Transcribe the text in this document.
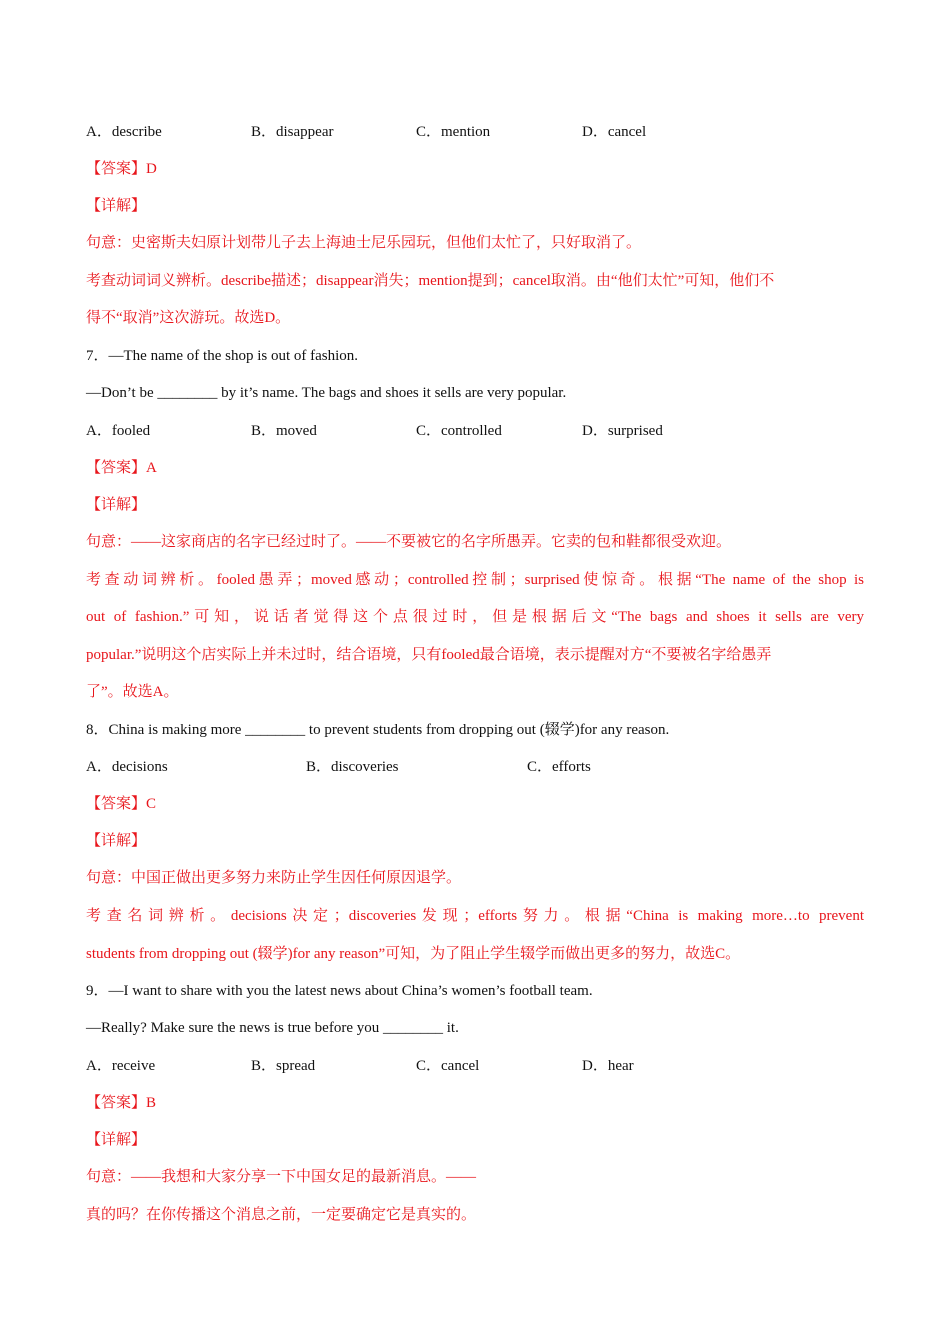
A．describe	B．disappear	C．mention	D．cancel
【答案】D
【详解】
句意：史密斯夫妇原计划带儿子去上海迪士尼乐园玩，但他们太忙了，只好取消了。
考查动词词义辨析。describe描述；disappear消失；mention提到；cancel取消。由“他们太忙”可知，他们不
得不“取消”这次游玩。故选D。
7．—The name of the shop is out of fashion.
—Don’t be ________ by it’s name. The bags and shoes it sells are very popular.
A．fooled	B．moved	C．controlled	D．surprised
【答案】A
【详解】
句意：——这家商店的名字已经过时了。——不要被它的名字所愚弄。它卖的包和鞋都很受欢迎。
考查动词辨析。fooled愚弄；moved感动；controlled控制；surprised使惊奇。根据“The name of the shop is
out of fashion.”可知，说话者觉得这个点很过时，但是根据后文“The bags and shoes it sells are very
popular.”说明这个店实际上并未过时，结合语境，只有fooled最合语境，表示提醒对方“不要被名字给愚弄
了”。故选A。
8．China is making more ________ to prevent students from dropping out (辍学)for any reason.
A．decisions	B．discoveries	C．efforts
【答案】C
【详解】
句意：中国正做出更多努力来防止学生因任何原因退学。
考查名词辨析。decisions决定；discoveries发现；efforts努力。根据“China is making more…to prevent
students from dropping out (辍学)for any reason”可知，为了阻止学生辍学而做出更多的努力，故选C。
9．—I want to share with you the latest news about China’s women’s football team.
—Really? Make sure the news is true before you ________ it.
A．receive	B．spread	C．cancel	D．hear
【答案】B
【详解】
句意：——我想和大家分享一下中国女足的最新消息。——
真的吗？在你传播这个消息之前，一定要确定它是真实的。
